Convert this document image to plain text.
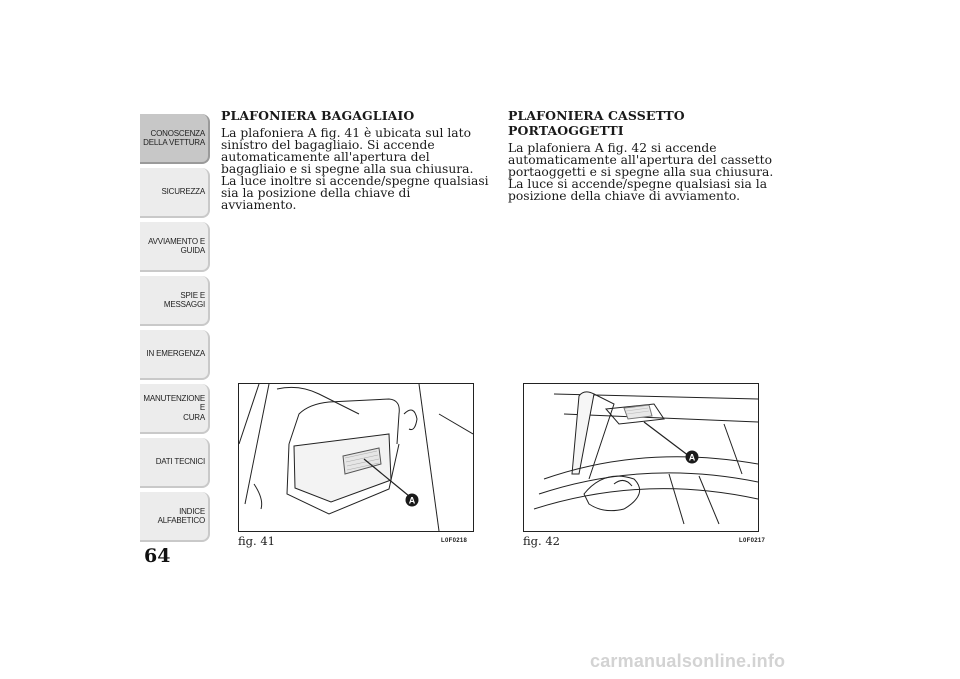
CONOSCENZA
DELLA VETTURA
SICUREZZA
AVVIAMENTO E
GUIDA
SPIE E MESSAGGI
IN EMERGENZA
MANUTENZIONE E
CURA
DATI TECNICI
INDICE
ALFABETICO
64
PLAFONIERA BAGAGLIAIO

La plafoniera A fig. 41 è ubicata sul lato sinistro del bagagliaio. Si accende automaticamente all'apertura del bagagliaio e si spegne alla sua chiusura. La luce inoltre si accende/spegne qualsiasi sia la posizione della chiave di avviamento.

PLAFONIERA CASSETTO PORTAOGGETTI

La plafoniera A fig. 42 si accende automaticamente all'apertura del cassetto portaoggetti e si spegne alla sua chiusura. La luce si accende/spegne qualsiasi sia la posizione della chiave di avviamento.

A
fig. 41	L0F0218
A
fig. 42	L0F0217
carmanualsonline.info
